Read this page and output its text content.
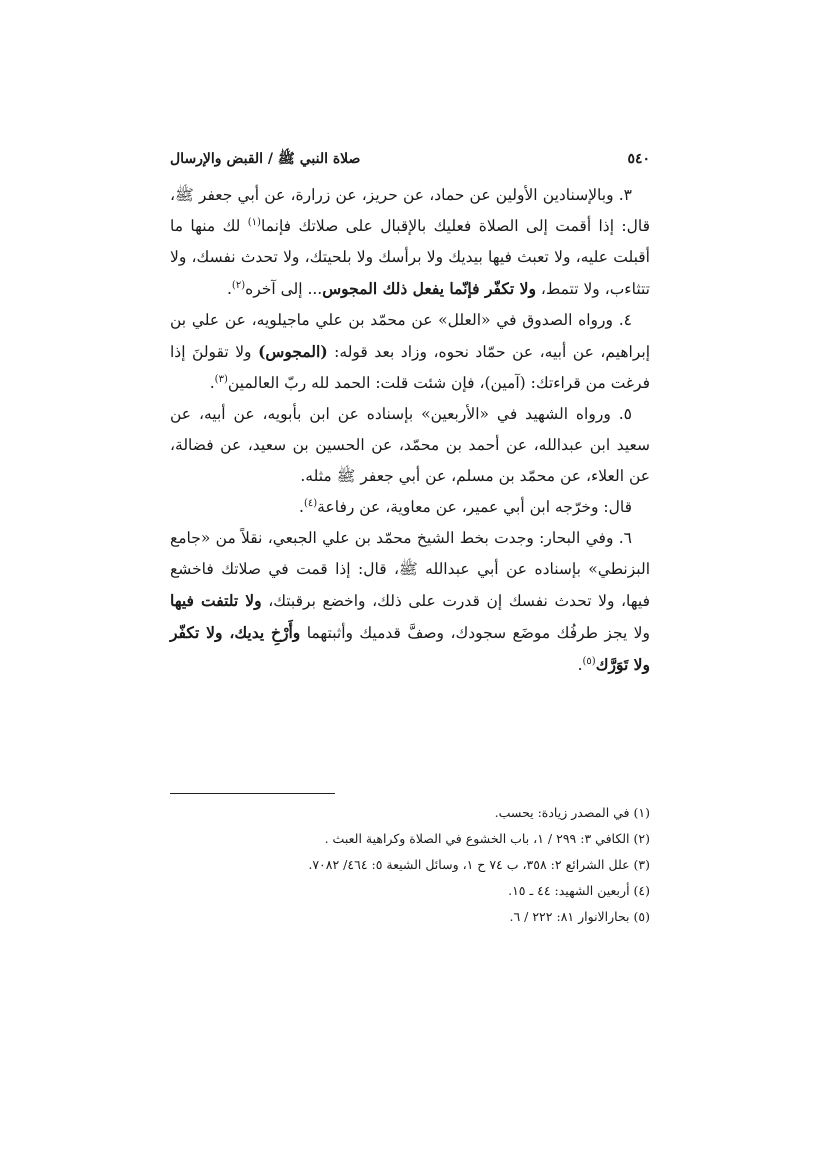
٥٤٠
صلاة النبي ﷺ / القبض والإرسال

٣. وبالإسنادين الأولين عن حماد، عن حريز، عن زرارة، عن أبي جعفر ﷺ، قال: إذا أقمت إلى الصلاة فعليك بالإقبال على صلاتك فإنما$^{(١)}$ لك منها ما أقبلت عليه، ولا تعبث فيها بيديك ولا برأسك ولا بلحيتك، ولا تحدث نفسك، ولا تتثاءب، ولا تتمط، ولا تكفّر فإنّما يفعل ذلك المجوس... إلى آخره$^{(٢)}$.

٤. ورواه الصدوق في «العلل» عن محمّد بن علي ماجيلويه، عن علي بن إبراهيم، عن أبيه، عن حمّاد نحوه، وزاد بعد قوله: (المجوس) ولا تقولنَ إذا فرغت من قراءتك: (آمين)، فإن شئت قلت: الحمد لله ربّ العالمين$^{(٣)}$.

٥. ورواه الشهيد في «الأربعين» بإسناده عن ابن بأبويه، عن أبيه، عن سعيد ابن عبدالله، عن أحمد بن محمّد، عن الحسين بن سعيد، عن فضالة، عن العلاء، عن محمّد بن مسلم، عن أبي جعفر ﷺ مثله.

قال: وخرّجه ابن أبي عمير، عن معاوية، عن رفاعة$^{(٤)}$.

٦. وفي البحار: وجدت بخط الشيخ محمّد بن علي الجبعي، نقلاً من «جامع البزنطي» بإسناده عن أبي عبدالله ﷺ، قال: إذا قمت في صلاتك فاخشع فيها، ولا تحدث نفسك إن قدرت على ذلك، واخضع برقبتك، ولا تلتفت فيها ولا يجز طرفُك موضَع سجودك، وصفَّ قدميك وأثبتهما وأَرْخِ يديك، ولا تكفّر ولا تَوَرَّك$^{(٥)}$.

(١) في المصدر زيادة: يحسب.

(٢) الكافي ٣: ٢٩٩ / ١، باب الخشوع في الصلاة وكراهية العبث .

(٣) علل الشرائع ٢: ٣٥٨، ب ٧٤ ح ١، وسائل الشيعة ٥: ٤٦٤/ ٧٠٨٢.

(٤) أربعين الشهيد: ٤٤ ـ ١٥.

(٥) بحارالانوار ٨١: ٢٢٢ / ٦.
